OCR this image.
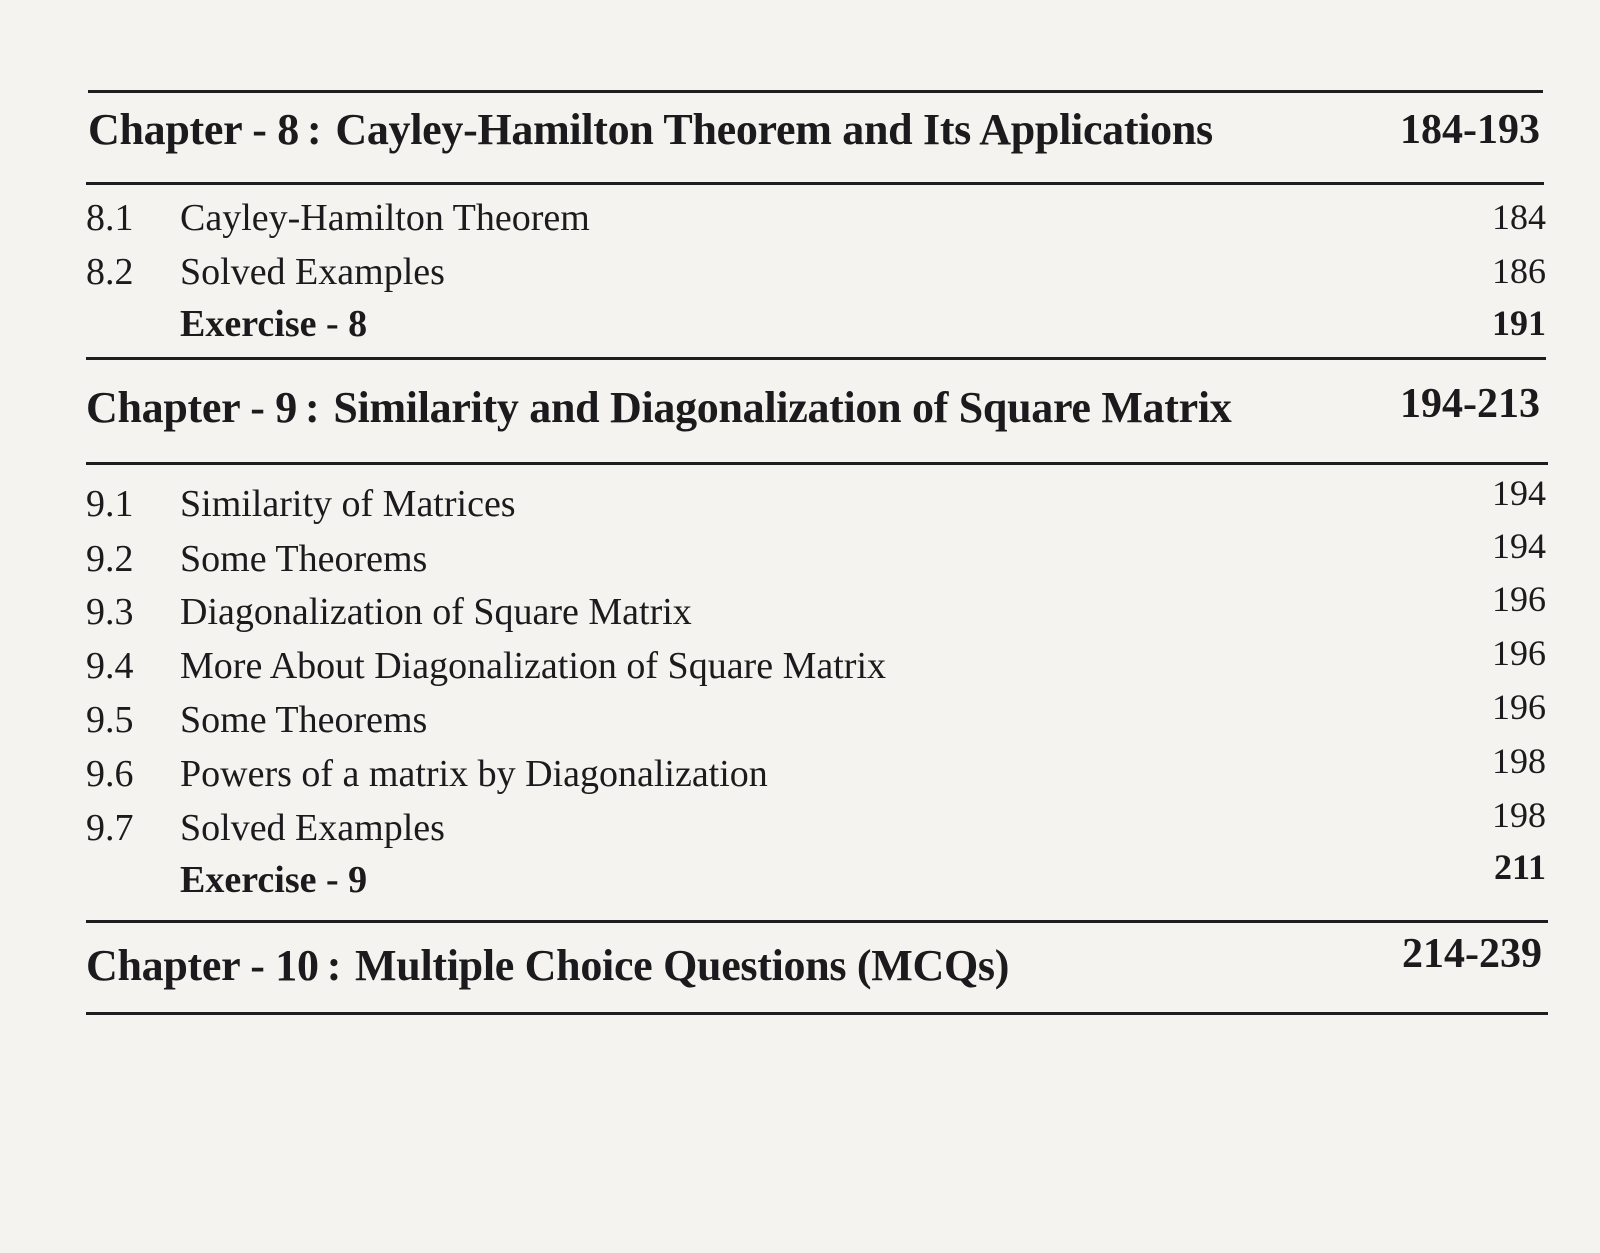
Chapter - 8 : Cayley-Hamilton Theorem and Its Applications	184-193
8.1 Cayley-Hamilton Theorem	184
8.2 Solved Examples	186
Exercise - 8	191
Chapter - 9 : Similarity and Diagonalization of Square Matrix	194-213
9.1 Similarity of Matrices	194
9.2 Some Theorems	194
9.3 Diagonalization of Square Matrix	196
9.4 More About Diagonalization of Square Matrix	196
9.5 Some Theorems	196
9.6 Powers of a matrix by Diagonalization	198
9.7 Solved Examples	198
Exercise - 9	211
Chapter - 10 : Multiple Choice Questions (MCQs)	214-239
